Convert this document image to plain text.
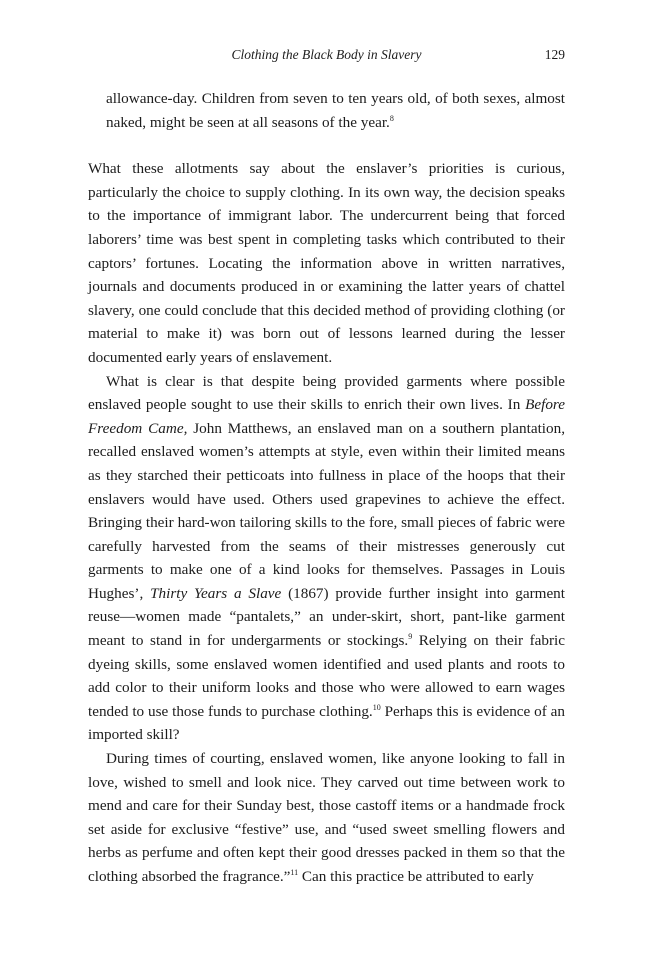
Clothing the Black Body in Slavery	129
allowance-day. Children from seven to ten years old, of both sexes, almost naked, might be seen at all seasons of the year.$^8$

What these allotments say about the enslaver’s priorities is curious, particularly the choice to supply clothing. In its own way, the decision speaks to the importance of immigrant labor. The undercurrent being that forced laborers’ time was best spent in completing tasks which contributed to their captors’ fortunes. Locating the information above in written narratives, journals and documents produced in or examining the latter years of chattel slavery, one could conclude that this decided method of providing clothing (or material to make it) was born out of lessons learned during the lesser documented early years of enslavement.

What is clear is that despite being provided garments where possible enslaved people sought to use their skills to enrich their own lives. In Before Freedom Came, John Matthews, an enslaved man on a southern plantation, recalled enslaved women’s attempts at style, even within their limited means as they starched their petticoats into fullness in place of the hoops that their enslavers would have used. Others used grapevines to achieve the effect. Bringing their hard-won tailoring skills to the fore, small pieces of fabric were carefully harvested from the seams of their mistresses generously cut garments to make one of a kind looks for themselves. Passages in Louis Hughes’, Thirty Years a Slave (1867) provide further insight into garment reuse—women made “pantalets,” an under-skirt, short, pant-like garment meant to stand in for undergarments or stockings.$^9$ Relying on their fabric dyeing skills, some enslaved women identified and used plants and roots to add color to their uniform looks and those who were allowed to earn wages tended to use those funds to purchase clothing.$^{10}$ Perhaps this is evidence of an imported skill?

During times of courting, enslaved women, like anyone looking to fall in love, wished to smell and look nice. They carved out time between work to mend and care for their Sunday best, those castoff items or a handmade frock set aside for exclusive “festive” use, and “used sweet smelling flowers and herbs as perfume and often kept their good dresses packed in them so that the clothing absorbed the fragrance.”$^{11}$ Can this practice be attributed to early
